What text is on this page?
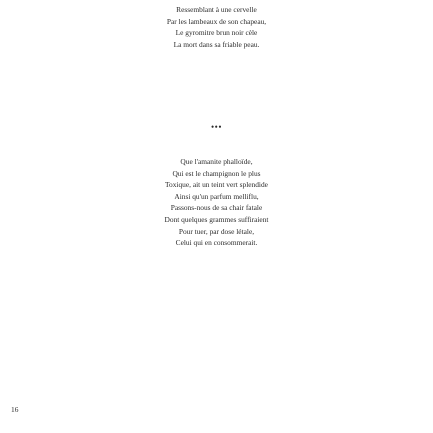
Ressemblant à une cervelle
Par les lambeaux de son chapeau,
Le gyromitre brun noir cèle
La mort dans sa friable peau.
•••
Que l'amanite phalloïde,
Qui est le champignon le plus
Toxique, ait un teint vert splendide
Ainsi qu'un parfum melliflu,
Passons-nous de sa chair fatale
Dont quelques grammes suffiraient
Pour tuer, par dose létale,
Celui qui en consommerait.
16
